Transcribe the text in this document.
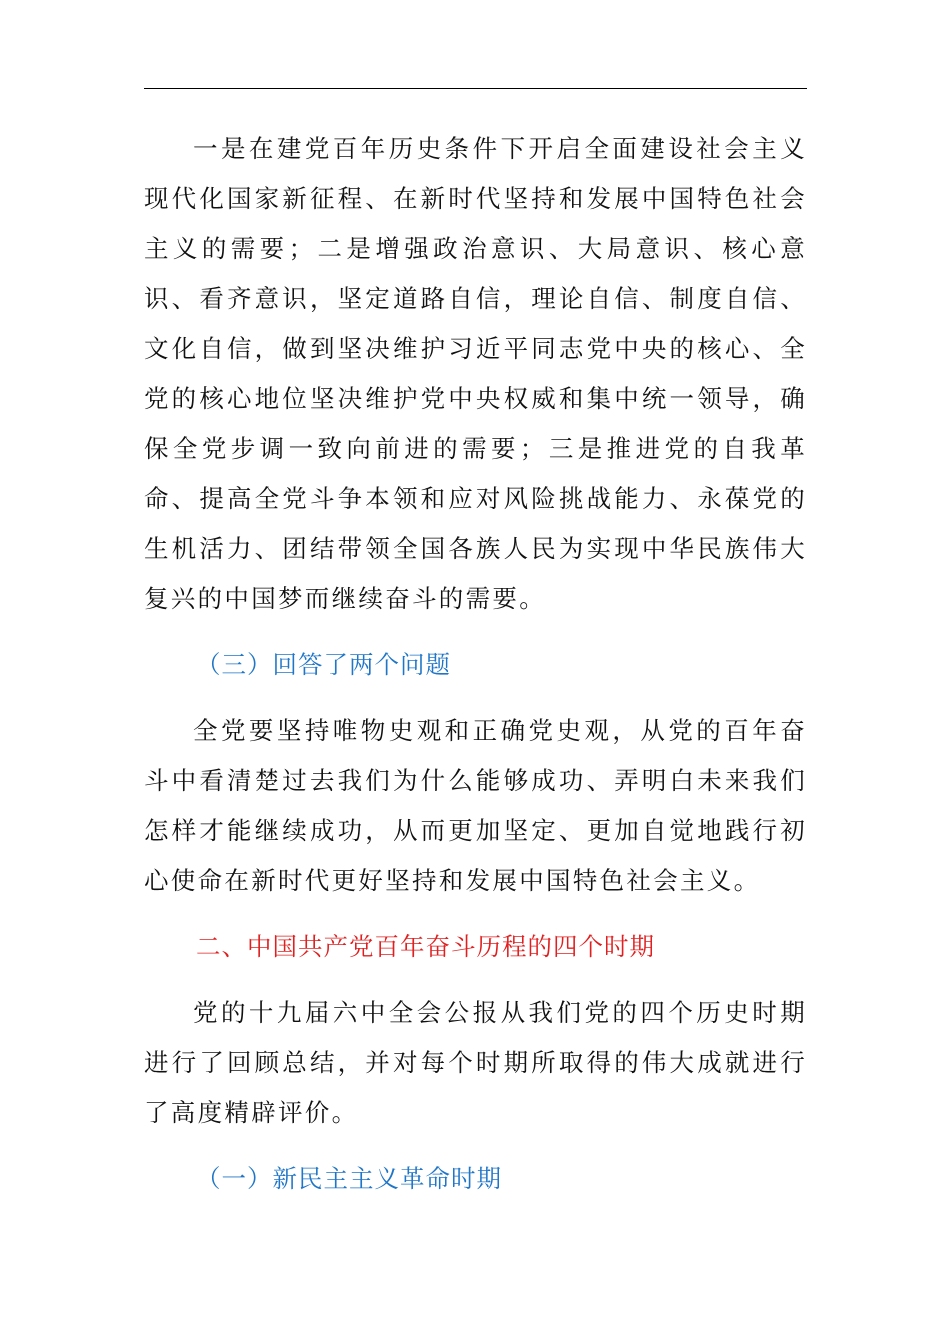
一是在建党百年历史条件下开启全面建设社会主义现代化国家新征程、在新时代坚持和发展中国特色社会主义的需要；二是增强政治意识、大局意识、核心意识、看齐意识，坚定道路自信，理论自信、制度自信、文化自信，做到坚决维护习近平同志党中央的核心、全党的核心地位坚决维护党中央权威和集中统一领导，确保全党步调一致向前进的需要；三是推进党的自我革命、提高全党斗争本领和应对风险挑战能力、永葆党的生机活力、团结带领全国各族人民为实现中华民族伟大复兴的中国梦而继续奋斗的需要。

（三）回答了两个问题

全党要坚持唯物史观和正确党史观，从党的百年奋斗中看清楚过去我们为什么能够成功、弄明白未来我们怎样才能继续成功，从而更加坚定、更加自觉地践行初心使命在新时代更好坚持和发展中国特色社会主义。

二、中国共产党百年奋斗历程的四个时期

党的十九届六中全会公报从我们党的四个历史时期进行了回顾总结，并对每个时期所取得的伟大成就进行了高度精辟评价。

（一）新民主主义革命时期
